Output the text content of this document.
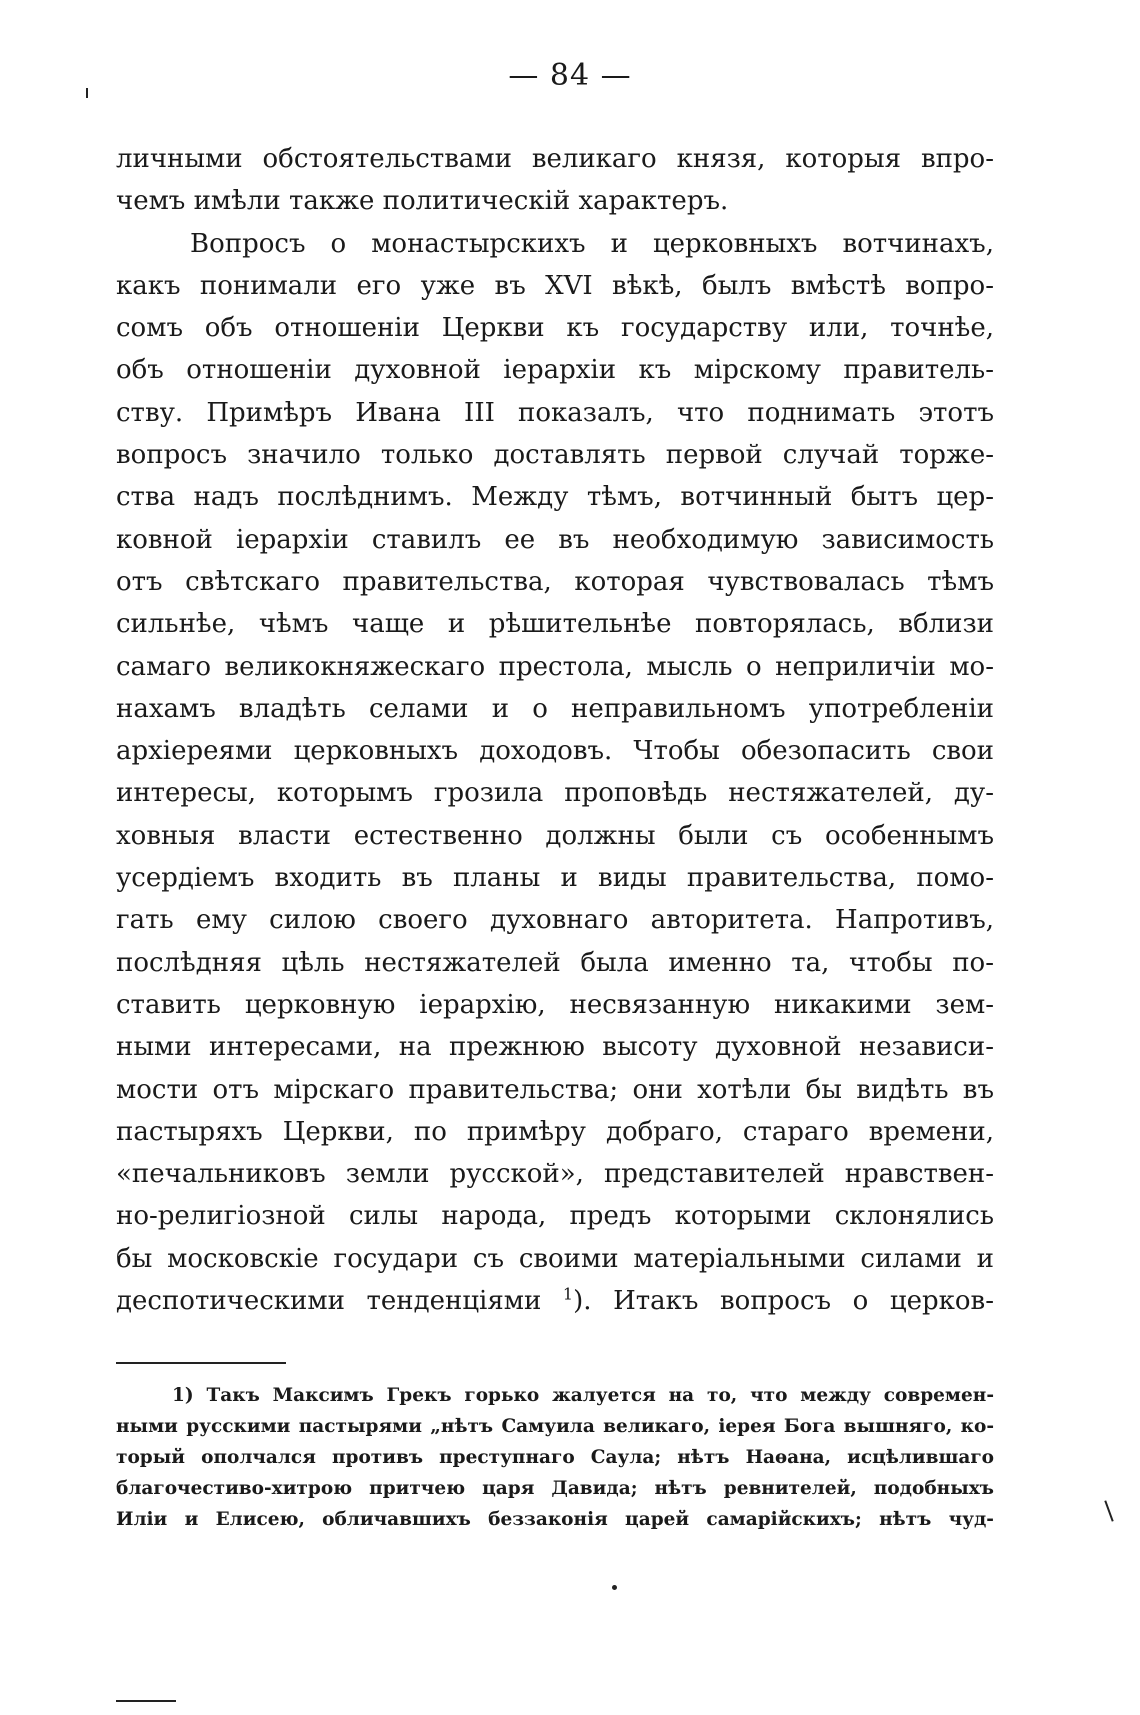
— 84 —
личными обстоятельствами великаго князя, которыя впро-
чемъ имѣли также политическій характеръ.
Вопросъ о монастырскихъ и церковныхъ вотчинахъ,
какъ понимали его уже въ XVI вѣкѣ, былъ вмѣстѣ вопро-
сомъ объ отношеніи Церкви къ государству или, точнѣе,
объ отношеніи духовной іерархіи къ мірскому правитель-
ству. Примѣръ Ивана III показалъ, что поднимать этотъ
вопросъ значило только доставлять первой случай торже-
ства надъ послѣднимъ. Между тѣмъ, вотчинный бытъ цер-
ковной іерархіи ставилъ ее въ необходимую зависимость
отъ свѣтскаго правительства, которая чувствовалась тѣмъ
сильнѣе, чѣмъ чаще и рѣшительнѣе повторялась, вблизи
самаго великокняжескаго престола, мысль о неприличіи мо-
нахамъ владѣть селами и о неправильномъ употребленіи
архіереями церковныхъ доходовъ. Чтобы обезопасить свои
интересы, которымъ грозила проповѣдь нестяжателей, ду-
ховныя власти естественно должны были съ особеннымъ
усердіемъ входить въ планы и виды правительства, помо-
гать ему силою своего духовнаго авторитета. Напротивъ,
послѣдняя цѣль нестяжателей была именно та, чтобы по-
ставить церковную іерархію, несвязанную никакими зем-
ными интересами, на прежнюю высоту духовной независи-
мости отъ мірскаго правительства; они хотѣли бы видѣть въ
пастыряхъ Церкви, по примѣру добраго, стараго времени,
«печальниковъ земли русской», представителей нравствен-
но-религіозной силы народа, предъ которыми склонялись
бы московскіе государи съ своими матеріальными силами и
деспотическими тенденціями $^1$). Итакъ вопросъ о церков-
1) Такъ Максимъ Грекъ горько жалуется на то, что между современ-
ными русскими пастырями „нѣтъ Самуила великаго, іерея Бога вышняго, ко-
торый ополчался противъ преступнаго Саула; нѣтъ Наѳана, исцѣлившаго
благочестиво-хитрою притчею царя Давида; нѣтъ ревнителей, подобныхъ
Иліи и Елисею, обличавшихъ беззаконія царей самарійскихъ; нѣтъ чуд-
